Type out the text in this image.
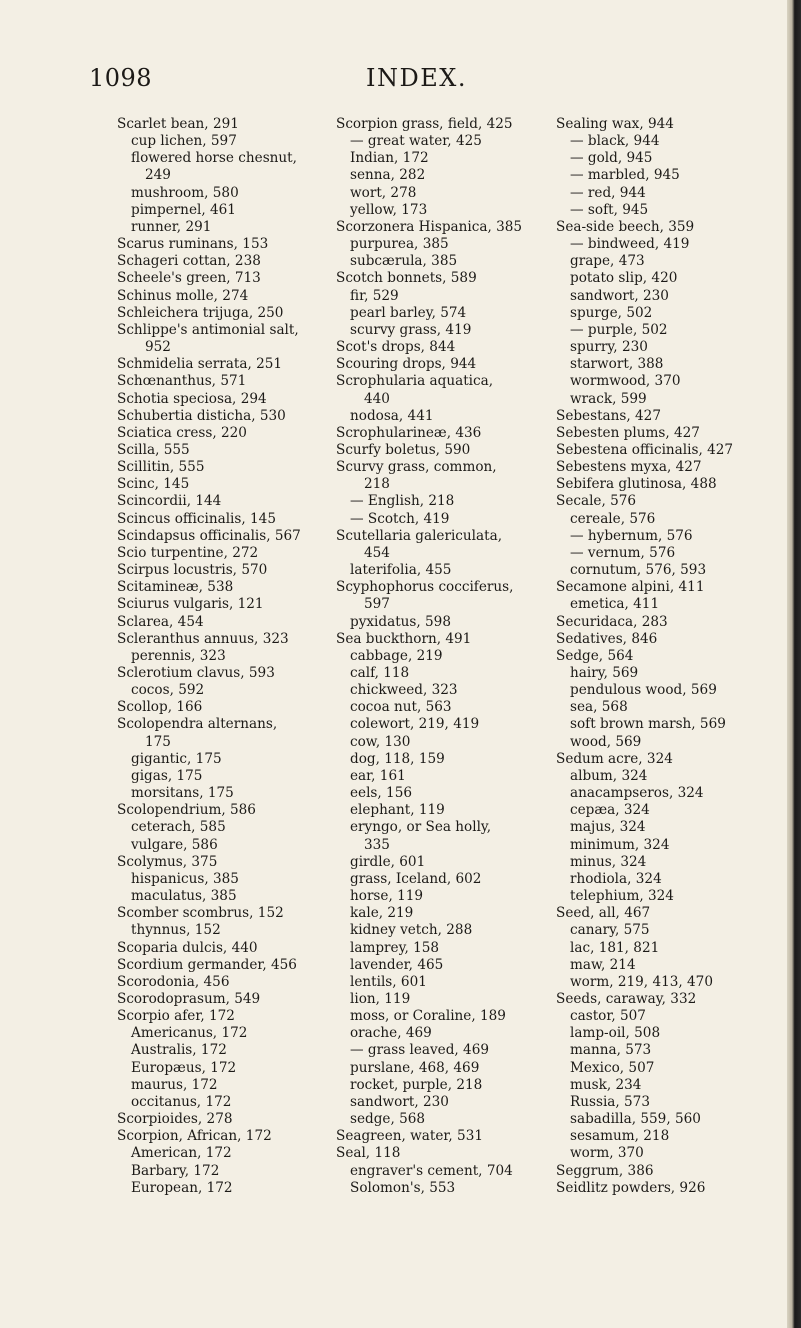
1098	INDEX.
Scarlet bean, 291
cup lichen, 597
flowered horse chesnut,
249
mushroom, 580
pimpernel, 461
runner, 291
Scarus ruminans, 153
Schageri cottan, 238
Scheele's green, 713
Schinus molle, 274
Schleichera trijuga, 250
Schlippe's antimonial salt,
952
Schmidelia serrata, 251
Schœnanthus, 571
Schotia speciosa, 294
Schubertia disticha, 530
Sciatica cress, 220
Scilla, 555
Scillitin, 555
Scinc, 145
Scincordii, 144
Scincus officinalis, 145
Scindapsus officinalis, 567
Scio turpentine, 272
Scirpus locustris, 570
Scitamineæ, 538
Sciurus vulgaris, 121
Sclarea, 454
Scleranthus annuus, 323
perennis, 323
Sclerotium clavus, 593
cocos, 592
Scollop, 166
Scolopendra alternans,
175
gigantic, 175
gigas, 175
morsitans, 175
Scolopendrium, 586
ceterach, 585
vulgare, 586
Scolymus, 375
hispanicus, 385
maculatus, 385
Scomber scombrus, 152
thynnus, 152
Scoparia dulcis, 440
Scordium germander, 456
Scorodonia, 456
Scorodoprasum, 549
Scorpio afer, 172
Americanus, 172
Australis, 172
Europæus, 172
maurus, 172
occitanus, 172
Scorpioides, 278
Scorpion, African, 172
American, 172
Barbary, 172
European, 172
Scorpion grass, field, 425
— great water, 425
Indian, 172
senna, 282
wort, 278
yellow, 173
Scorzonera Hispanica, 385
purpurea, 385
subcærula, 385
Scotch bonnets, 589
fir, 529
pearl barley, 574
scurvy grass, 419
Scot's drops, 844
Scouring drops, 944
Scrophularia aquatica,
440
nodosa, 441
Scrophularineæ, 436
Scurfy boletus, 590
Scurvy grass, common,
218
— English, 218
— Scotch, 419
Scutellaria galericulata,
454
laterifolia, 455
Scyphophorus cocciferus,
597
pyxidatus, 598
Sea buckthorn, 491
cabbage, 219
calf, 118
chickweed, 323
cocoa nut, 563
colewort, 219, 419
cow, 130
dog, 118, 159
ear, 161
eels, 156
elephant, 119
eryngo, or Sea holly,
335
girdle, 601
grass, Iceland, 602
horse, 119
kale, 219
kidney vetch, 288
lamprey, 158
lavender, 465
lentils, 601
lion, 119
moss, or Coraline, 189
orache, 469
— grass leaved, 469
purslane, 468, 469
rocket, purple, 218
sandwort, 230
sedge, 568
Seagreen, water, 531
Seal, 118
engraver's cement, 704
Solomon's, 553
Sealing wax, 944
— black, 944
— gold, 945
— marbled, 945
— red, 944
— soft, 945
Sea-side beech, 359
— bindweed, 419
grape, 473
potato slip, 420
sandwort, 230
spurge, 502
— purple, 502
spurry, 230
starwort, 388
wormwood, 370
wrack, 599
Sebestans, 427
Sebesten plums, 427
Sebestena officinalis, 427
Sebestens myxa, 427
Sebifera glutinosa, 488
Secale, 576
cereale, 576
— hybernum, 576
— vernum, 576
cornutum, 576, 593
Secamone alpini, 411
emetica, 411
Securidaca, 283
Sedatives, 846
Sedge, 564
hairy, 569
pendulous wood, 569
sea, 568
soft brown marsh, 569
wood, 569
Sedum acre, 324
album, 324
anacampseros, 324
cepæa, 324
majus, 324
minimum, 324
minus, 324
rhodiola, 324
telephium, 324
Seed, all, 467
canary, 575
lac, 181, 821
maw, 214
worm, 219, 413, 470
Seeds, caraway, 332
castor, 507
lamp-oil, 508
manna, 573
Mexico, 507
musk, 234
Russia, 573
sabadilla, 559, 560
sesamum, 218
worm, 370
Seggrum, 386
Seidlitz powders, 926
